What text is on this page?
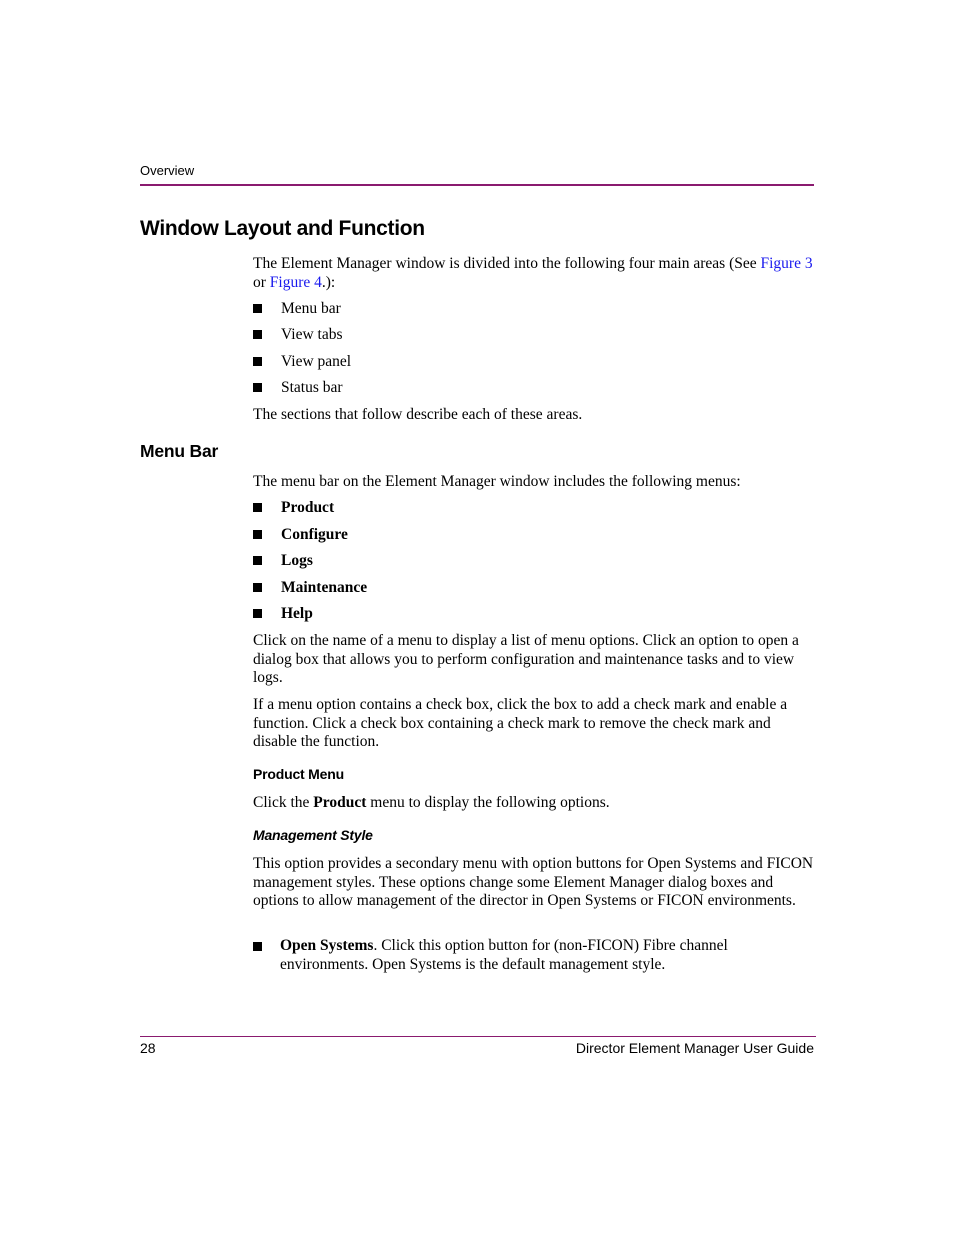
Overview
Window Layout and Function
The Element Manager window is divided into the following four main areas (See Figure 3 or Figure 4.):
Menu bar
View tabs
View panel
Status bar
The sections that follow describe each of these areas.
Menu Bar
The menu bar on the Element Manager window includes the following menus:
Product
Configure
Logs
Maintenance
Help
Click on the name of a menu to display a list of menu options. Click an option to open a dialog box that allows you to perform configuration and maintenance tasks and to view logs.
If a menu option contains a check box, click the box to add a check mark and enable a function. Click a check box containing a check mark to remove the check mark and disable the function.
Product Menu
Click the Product menu to display the following options.
Management Style
This option provides a secondary menu with option buttons for Open Systems and FICON management styles. These options change some Element Manager dialog boxes and options to allow management of the director in Open Systems or FICON environments.
Open Systems. Click this option button for (non-FICON) Fibre channel environments. Open Systems is the default management style.
28	Director Element Manager User Guide
